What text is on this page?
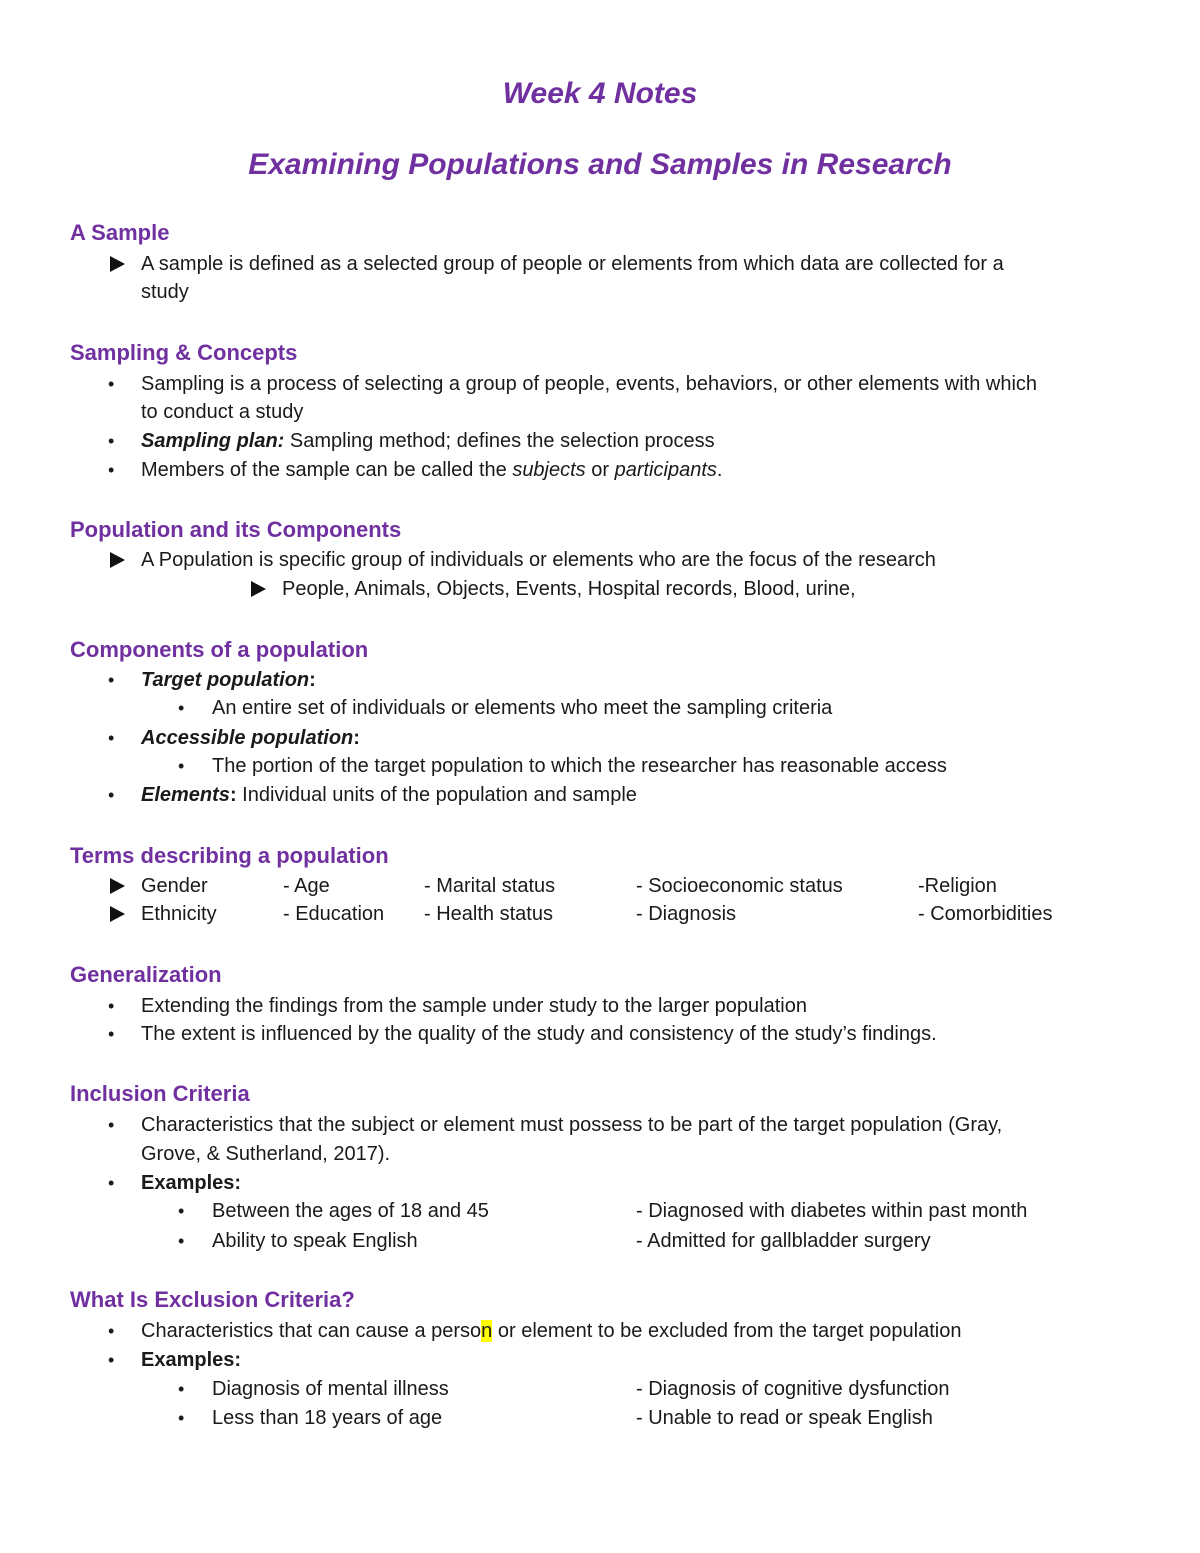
Week 4 Notes
Examining Populations and Samples in Research
A Sample
A sample is defined as a selected group of people or elements from which data are collected for a
study
Sampling & Concepts
• Sampling is a process of selecting a group of people, events, behaviors, or other elements with which
to conduct a study
• Sampling plan: Sampling method; defines the selection process
• Members of the sample can be called the subjects or participants.
Population and its Components
A Population is specific group of individuals or elements who are the focus of the research
People, Animals, Objects, Events, Hospital records, Blood, urine,
Components of a population
• Target population:
• An entire set of individuals or elements who meet the sampling criteria
• Accessible population:
• The portion of the target population to which the researcher has reasonable access
• Elements: Individual units of the population and sample
Terms describing a population
Gender	- Age	- Marital status	- Socioeconomic status	-Religion
Ethnicity	- Education - Health status	- Diagnosis	- Comorbidities
Generalization
• Extending the findings from the sample under study to the larger population
• The extent is influenced by the quality of the study and consistency of the study’s findings.
Inclusion Criteria
• Characteristics that the subject or element must possess to be part of the target population (Gray,
Grove, & Sutherland, 2017).
• Examples:
• Between the ages of 18 and 45	- Diagnosed with diabetes within past month
• Ability to speak English	- Admitted for gallbladder surgery
What Is Exclusion Criteria?
• Characteristics that can cause a person or element to be excluded from the target population
• Examples:
• Diagnosis of mental illness	- Diagnosis of cognitive dysfunction
• Less than 18 years of age	- Unable to read or speak English
